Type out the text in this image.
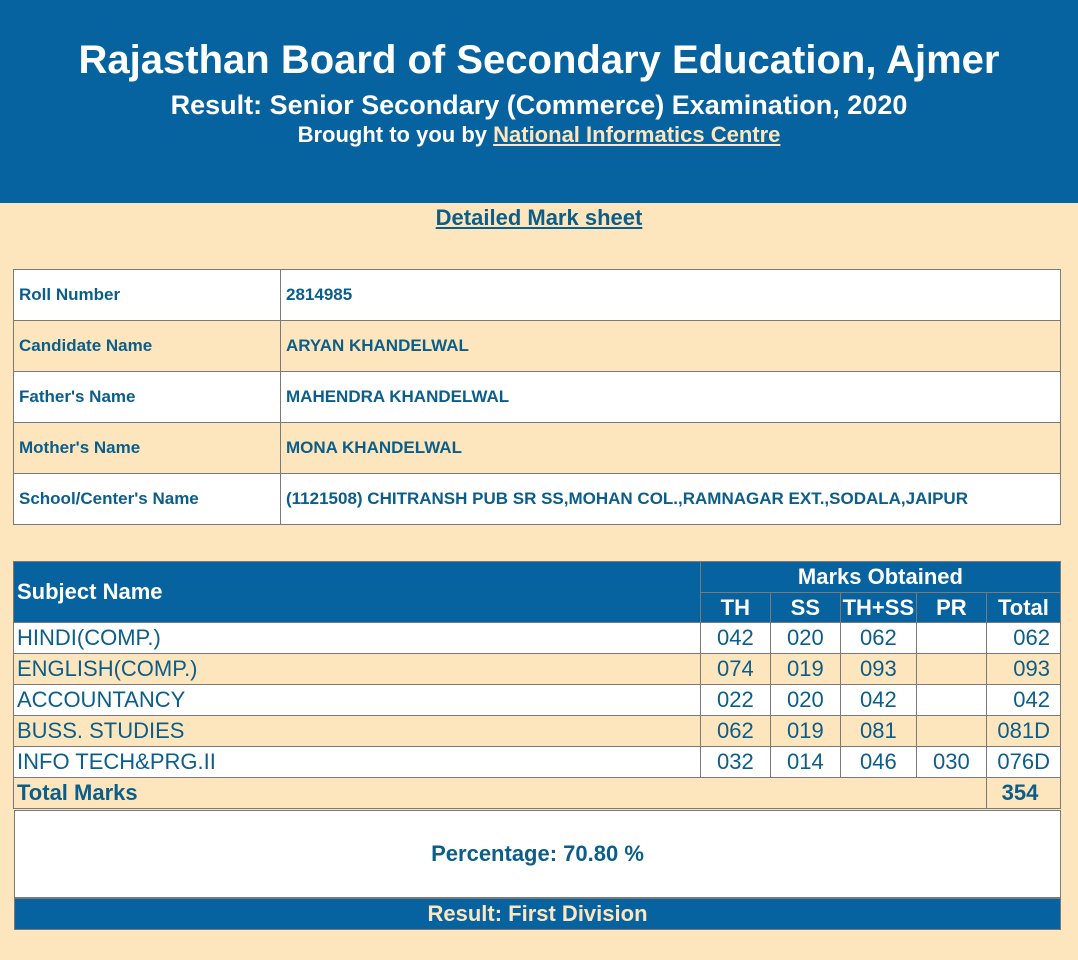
Rajasthan Board of Secondary Education, Ajmer
Result: Senior Secondary (Commerce) Examination, 2020
Brought to you by National Informatics Centre
Detailed Mark sheet
Roll Number	2814985
Candidate Name	ARYAN KHANDELWAL
Father's Name	MAHENDRA KHANDELWAL
Mother's Name	MONA KHANDELWAL
School/Center's Name	(1121508) CHITRANSH PUB SR SS,MOHAN COL.,RAMNAGAR EXT.,SODALA,JAIPUR
Subject Name	Marks Obtained				
	TH	SS	TH+SS	PR	Total
HINDI(COMP.)	042	020	062		062
ENGLISH(COMP.)	074	019	093		093
ACCOUNTANCY	022	020	042		042
BUSS. STUDIES	062	019	081		081D
INFO TECH&PRG.II	032	014	046	030	076D
Total Marks					354
Percentage: 70.80 %
Result: First Division
